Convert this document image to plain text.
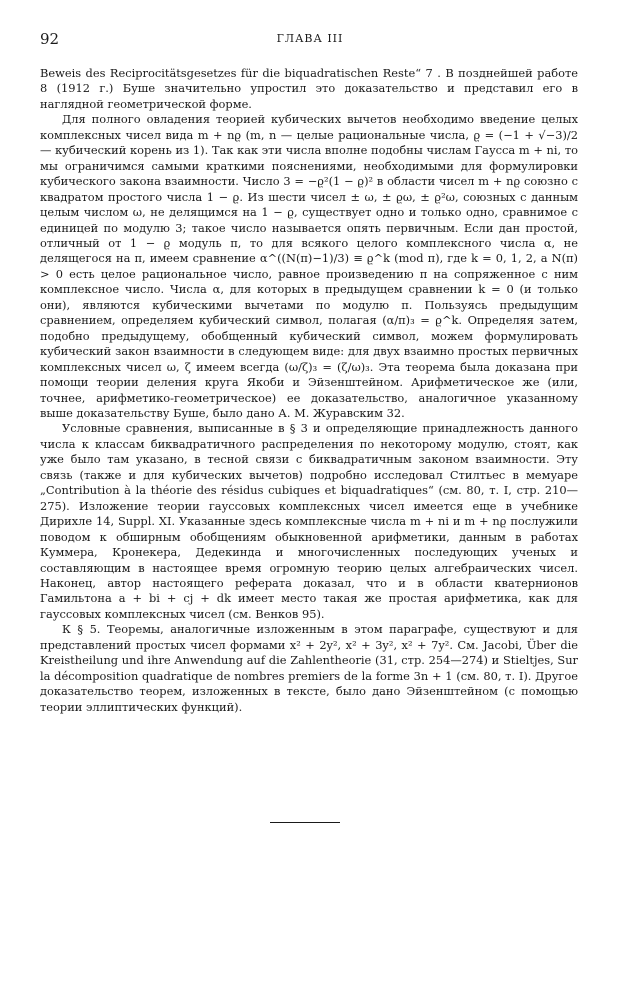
92	ГЛАВА III

Beweis des Reciprocitätsgesetzes für die biquadratischen Reste“ 7 . В позднейшей работе 8 (1912 г.) Буше значительно упростил это доказательство и представил его в наглядной геометрической форме.

Для полного овладения теорией кубических вычетов необходимо введение целых комплексных чисел вида m + nϱ (m, n — целые рациональные числа, ϱ = (−1 + √−3)/2 — кубический корень из 1). Так как эти числа вполне подобны числам Гаусса m + ni, то мы ограничимся самыми краткими пояснениями, необходимыми для формулировки кубического закона взаимности. Число 3 = −ϱ²(1 − ϱ)² в области чисел m + nϱ союзно с квадратом простого числа 1 − ϱ. Из шести чисел ± ω, ± ϱω, ± ϱ²ω, союзных с данным целым числом ω, не делящимся на 1 − ϱ, существует одно и только одно, сравнимое с единицей по модулю 3; такое число называется опять первичным. Если дан простой, отличный от 1 − ϱ модуль π, то для всякого целого комплексного числа α, не делящегося на π, имеем сравнение α^((N(π)−1)/3) ≡ ϱ^k (mod π), где k = 0, 1, 2, а N(π) > 0 есть целое рациональное число, равное произведению π на сопряженное с ним комплексное число. Числа α, для которых в предыдущем сравнении k = 0 (и только они), являются кубическими вычетами по модулю π. Пользуясь предыдущим сравнением, определяем кубический символ, полагая (α/π)₃ = ϱ^k. Определяя затем, подобно предыдущему, обобщенный кубический символ, можем формулировать кубический закон взаимности в следующем виде: для двух взаимно простых первичных комплексных чисел ω, ζ имеем всегда (ω/ζ)₃ = (ζ/ω)₃. Эта теорема была доказана при помощи теории деления круга Якоби и Эйзенштейном. Арифметическое же (или, точнее, арифметико-геометрическое) ее доказательство, аналогичное указанному выше доказательству Буше, было дано А. М. Журавским 32.

Условные сравнения, выписанные в § 3 и определяющие принадлежность данного числа к классам биквадратичного распределения по некоторому модулю, стоят, как уже было там указано, в тесной связи с биквадратичным законом взаимности. Эту связь (также и для кубических вычетов) подробно исследовал Стилтьес в мемуаре „Contribution à la théorie des résidus cubiques et biquadratiques“ (см. 80, т. I, стр. 210—275). Изложение теории гауссовых комплексных чисел имеется еще в учебнике Дирихле 14, Suppl. XI. Указанные здесь комплексные числа m + ni и m + nϱ послужили поводом к обширным обобщениям обыкновенной арифметики, данным в работах Куммера, Кронекера, Дедекинда и многочисленных последующих ученых и составляющим в настоящее время огромную теорию целых алгебраических чисел. Наконец, автор настоящего реферата доказал, что и в области кватернионов Гамильтона a + bi + cj + dk имеет место такая же простая арифметика, как для гауссовых комплексных чисел (см. Венков 95).

К § 5. Теоремы, аналогичные изложенным в этом параграфе, существуют и для представлений простых чисел формами x² + 2y², x² + 3y², x² + 7y². См. Jacobi, Über die Kreistheilung und ihre Anwendung auf die Zahlentheorie (31, стр. 254—274) и Stieltjes, Sur la décomposition quadratique de nombres premiers de la forme 3n + 1 (см. 80, т. I). Другое доказательство теорем, изложенных в тексте, было дано Эйзенштейном (с помощью теории эллиптических функций).
